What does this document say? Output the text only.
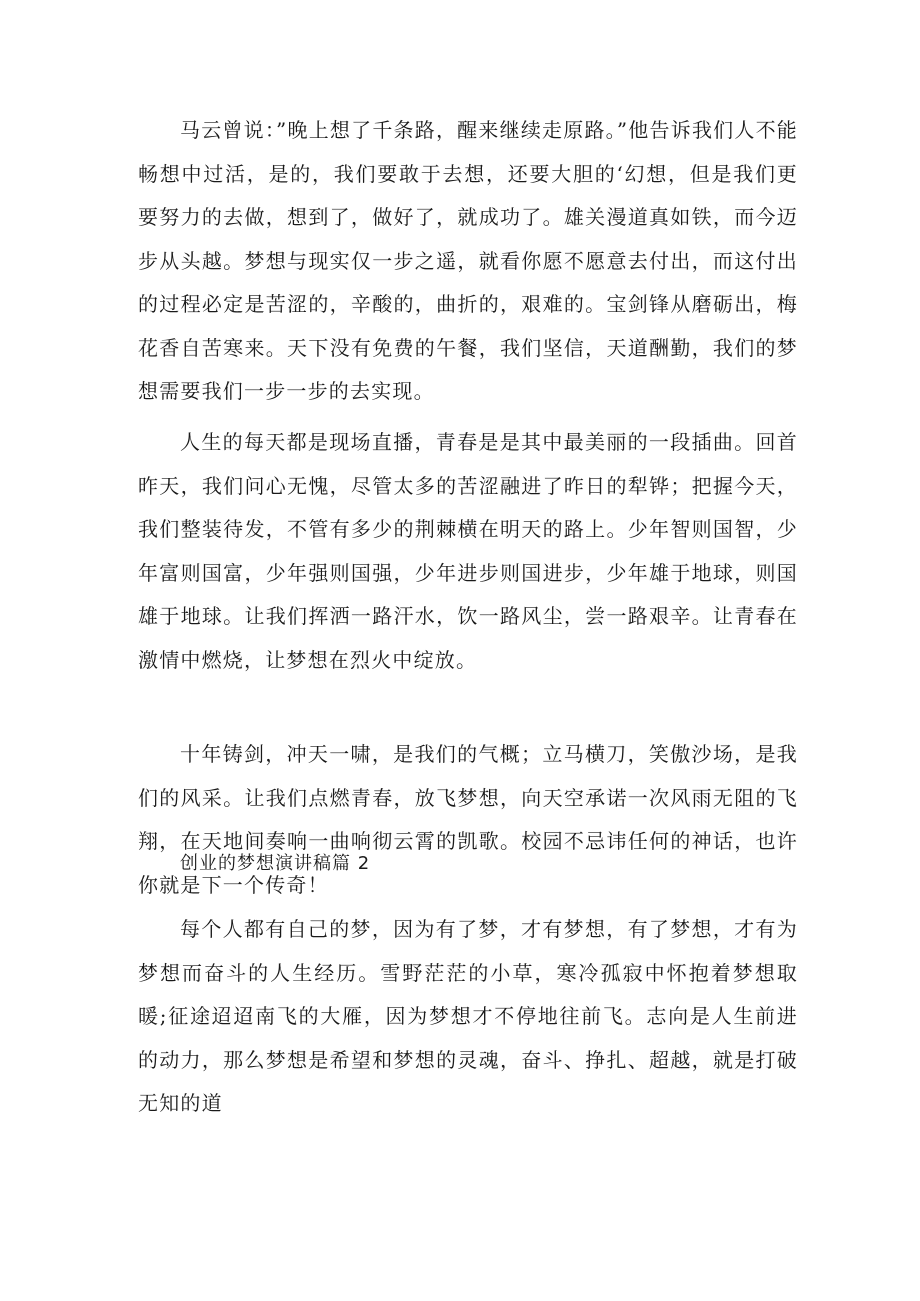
马云曾说：”晚上想了千条路，醒来继续走原路。”他告诉我们人不能畅想中过活，是的，我们要敢于去想，还要大胆的‘幻想，但是我们更要努力的去做，想到了，做好了，就成功了。雄关漫道真如铁，而今迈步从头越。梦想与现实仅一步之遥，就看你愿不愿意去付出，而这付出的过程必定是苦涩的，辛酸的，曲折的，艰难的。宝剑锋从磨砺出，梅花香自苦寒来。天下没有免费的午餐，我们坚信，天道酬勤，我们的梦想需要我们一步一步的去实现。

人生的每天都是现场直播，青春是是其中最美丽的一段插曲。回首昨天，我们问心无愧，尽管太多的苦涩融进了昨日的犁铧；把握今天，我们整装待发，不管有多少的荆棘横在明天的路上。少年智则国智，少年富则国富，少年强则国强，少年进步则国进步，少年雄于地球，则国雄于地球。让我们挥洒一路汗水，饮一路风尘，尝一路艰辛。让青春在激情中燃烧，让梦想在烈火中绽放。

十年铸剑，冲天一啸，是我们的气概；立马横刀，笑傲沙场，是我们的风采。让我们点燃青春，放飞梦想，向天空承诺一次风雨无阻的飞翔，在天地间奏响一曲响彻云霄的凯歌。校园不忌讳任何的神话，也许你就是下一个传奇！

创业的梦想演讲稿篇 2

每个人都有自己的梦，因为有了梦，才有梦想，有了梦想，才有为梦想而奋斗的人生经历。雪野茫茫的小草，寒冷孤寂中怀抱着梦想取暖;征途迢迢南飞的大雁，因为梦想才不停地往前飞。志向是人生前进的动力，那么梦想是希望和梦想的灵魂，奋斗、挣扎、超越，就是打破无知的道
